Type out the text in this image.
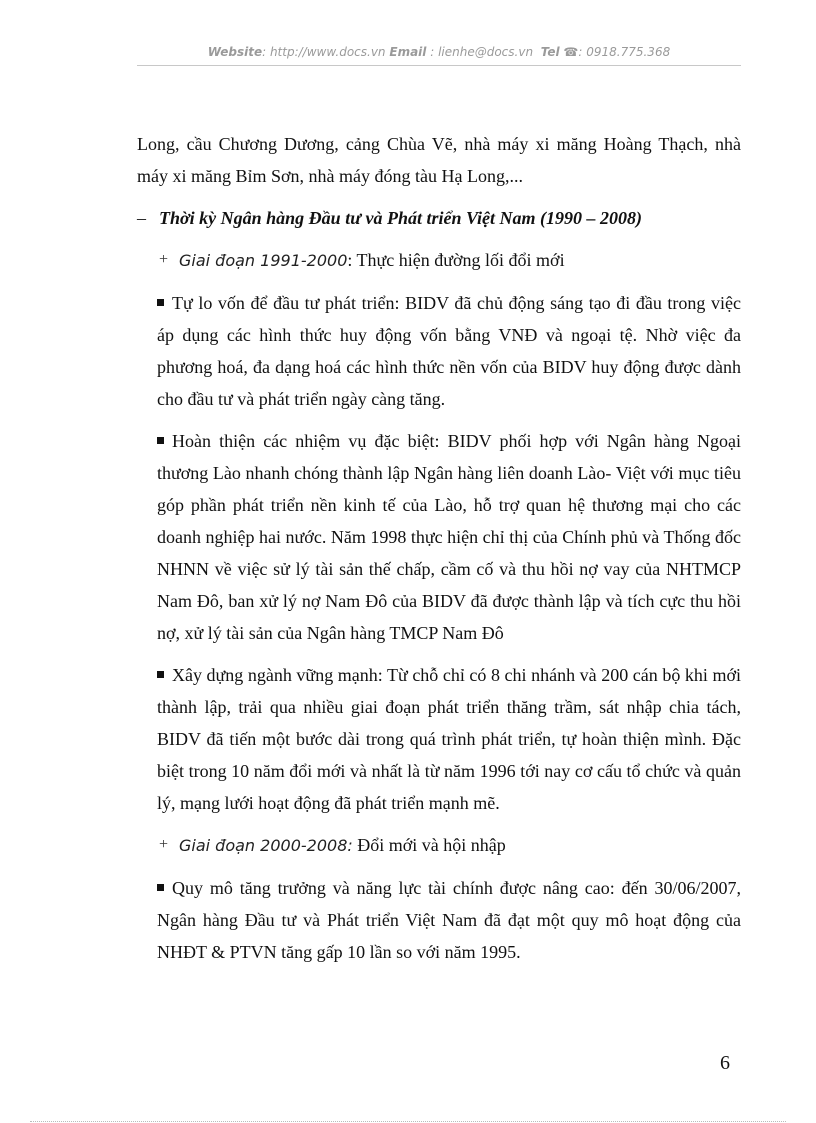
Website: http://www.docs.vn Email : lienhe@docs.vn Tel ☎: 0918.775.368

Long, cầu Chương Dương, cảng Chùa Vẽ, nhà máy xi măng Hoàng Thạch, nhà máy xi măng Bỉm Sơn, nhà máy đóng tàu Hạ Long,...

– Thời kỳ Ngân hàng Đầu tư và Phát triển Việt Nam (1990 – 2008)
+ Giai đoạn 1991-2000: Thực hiện đường lối đổi mới

Tự lo vốn để đầu tư phát triển: BIDV đã chủ động sáng tạo đi đầu trong việc áp dụng các hình thức huy động vốn bằng VNĐ và ngoại tệ. Nhờ việc đa phương hoá, đa dạng hoá các hình thức nền vốn của BIDV huy động được dành cho đầu tư và phát triển ngày càng tăng.

Hoàn thiện các nhiệm vụ đặc biệt: BIDV phối hợp với Ngân hàng Ngoại thương Lào nhanh chóng thành lập Ngân hàng liên doanh Lào- Việt với mục tiêu góp phần phát triển nền kinh tế của Lào, hỗ trợ quan hệ thương mại cho các doanh nghiệp hai nước. Năm 1998 thực hiện chỉ thị của Chính phủ và Thống đốc NHNN về việc sử lý tài sản thế chấp, cầm cố và thu hồi nợ vay của NHTMCP Nam Đô, ban xử lý nợ Nam Đô của BIDV đã được thành lập và tích cực thu hồi nợ, xử lý tài sản của Ngân hàng TMCP Nam Đô

Xây dựng ngành vững mạnh: Từ chỗ chỉ có 8 chi nhánh và 200 cán bộ khi mới thành lập, trải qua nhiều giai đoạn phát triển thăng trầm, sát nhập chia tách, BIDV đã tiến một bước dài trong quá trình phát triển, tự hoàn thiện mình. Đặc biệt trong 10 năm đổi mới và nhất là từ năm 1996 tới nay cơ cấu tổ chức và quản lý, mạng lưới hoạt động đã phát triển mạnh mẽ.

+ Giai đoạn 2000-2008: Đổi mới và hội nhập

Quy mô tăng trưởng và năng lực tài chính được nâng cao: đến 30/06/2007, Ngân hàng Đầu tư và Phát triển Việt Nam đã đạt một quy mô hoạt động của NHĐT & PTVN tăng gấp 10 lần so với năm 1995.

6
